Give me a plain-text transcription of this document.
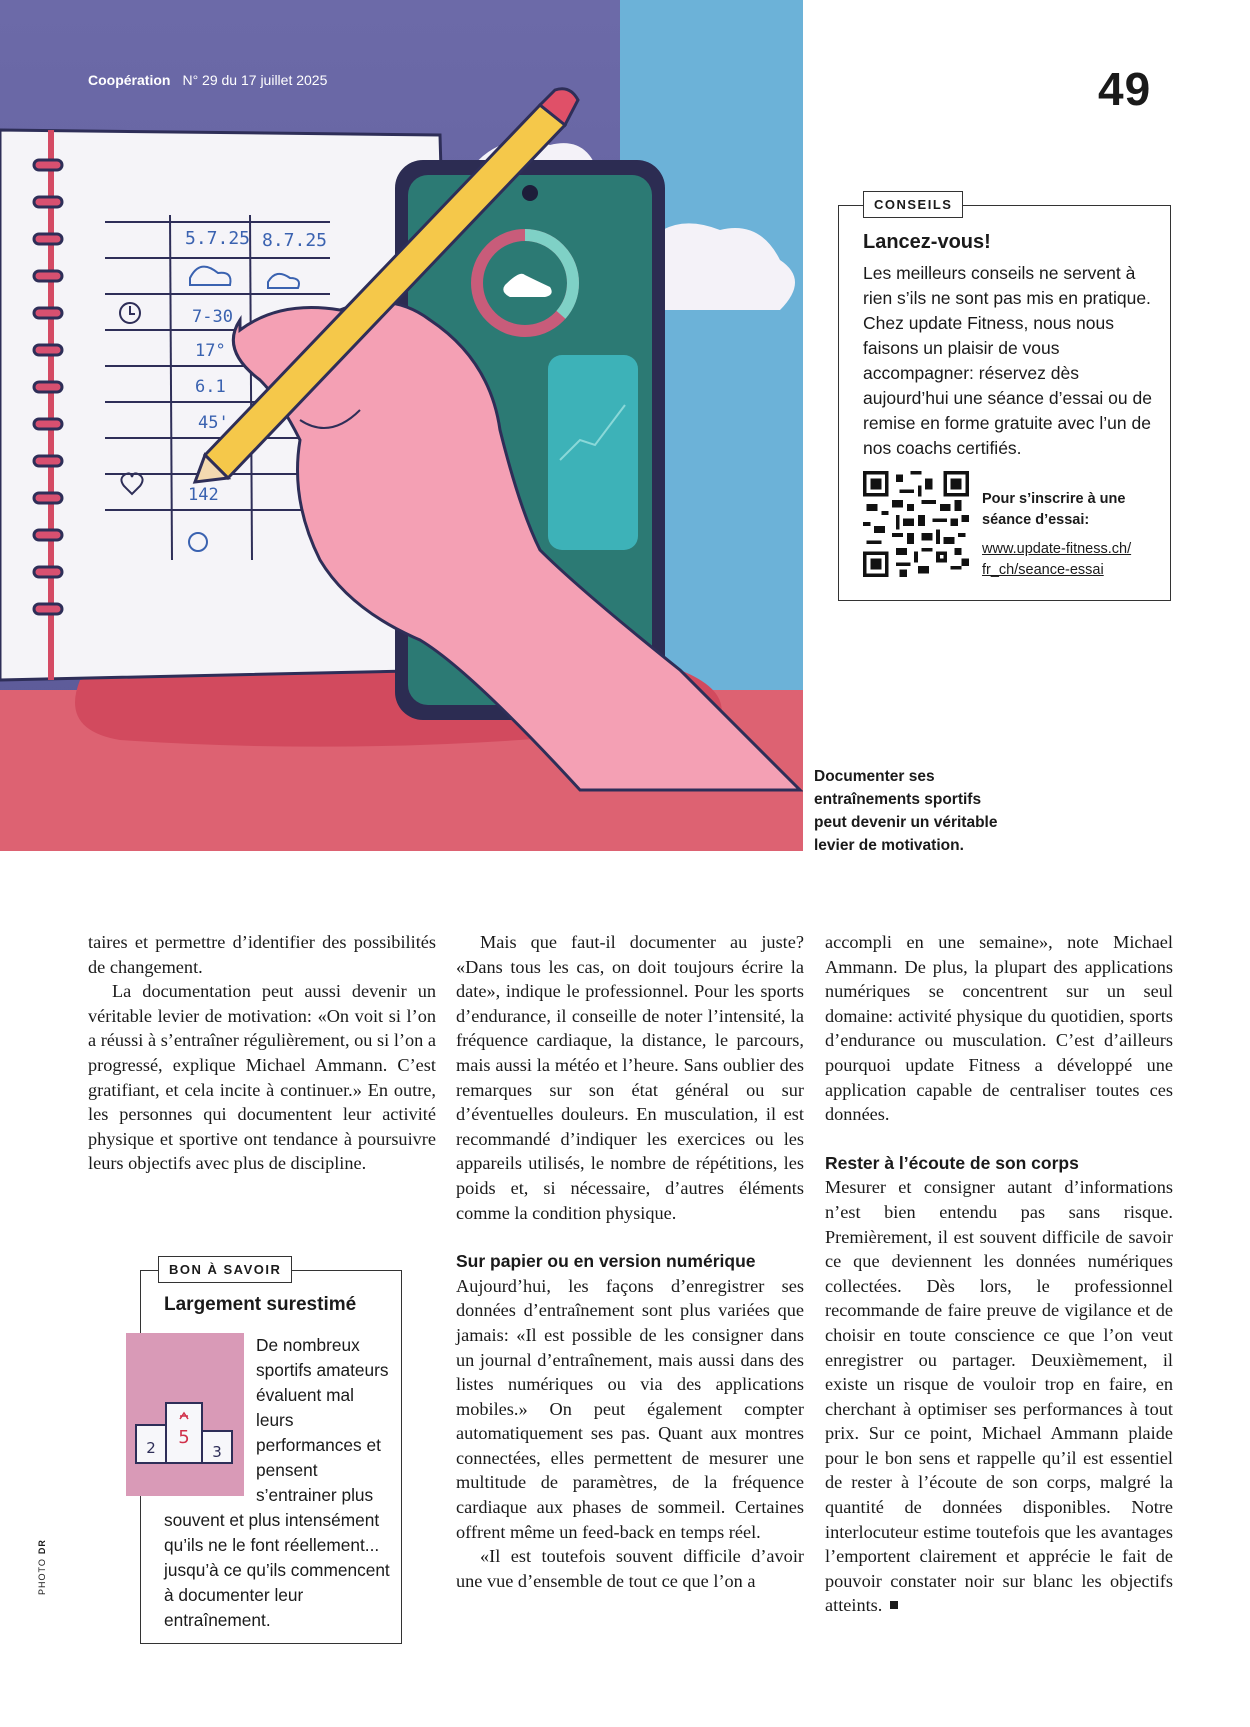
5.7.25 8.7.25
7-30
17°
6.1
45'
142
Coopération N° 29 du 17 juillet 2025	49
CONSEILS
Lancez-vous!
Les meilleurs conseils ne servent à rien s’ils ne sont pas mis en pratique. Chez update Fitness, nous nous faisons un plaisir de vous accompagner: réservez dès aujourd’hui une séance d’essai ou de remise en forme gratuite avec l’un de nos coachs certifiés.
Pour s’inscrire à une séance d’essai:
www.update-fitness.ch/ fr_ch/seance-essai
Documenter ses entraînements sportifs peut devenir un véritable levier de motivation.

taires et permettre d’identifier des possibilités de changement.

La documentation peut aussi devenir un véritable levier de motivation: «On voit si l’on a réussi à s’entraîner régulièrement, ou si l’on a progressé, explique Michael Ammann. C’est gratifiant, et cela incite à continuer.» En outre, les personnes qui documentent leur activité physique et sportive ont tendance à poursuivre leurs objectifs avec plus de discipline.

BON À SAVOIR
Largement surestimé
2 5
3
De nombreux sportifs amateurs évaluent mal leurs performances et pensent s’entrainer plus
souvent et plus intensément qu’ils ne le font réellement... jusqu’à ce qu’ils commencent à documenter leur entraînement.

Mais que faut-il documenter au juste? «Dans tous les cas, on doit toujours écrire la date», indique le professionnel. Pour les sports d’endurance, il conseille de noter l’intensité, la fréquence cardiaque, la distance, le parcours, mais aussi la météo et l’heure. Sans oublier des remarques sur son état général ou sur d’éventuelles douleurs. En musculation, il est recommandé d’indiquer les exercices ou les appareils utilisés, le nombre de répétitions, les poids et, si nécessaire, d’autres éléments comme la condition physique.

Sur papier ou en version numérique

Aujourd’hui, les façons d’enregistrer ses données d’entraînement sont plus variées que jamais: «Il est possible de les consigner dans un journal d’entraînement, mais aussi dans des listes numériques ou via des applications mobiles.» On peut également compter automatiquement ses pas. Quant aux montres connectées, elles permettent de mesurer une multitude de paramètres, de la fréquence cardiaque aux phases de sommeil. Certaines offrent même un feed-back en temps réel.

«Il est toutefois souvent difficile d’avoir une vue d’ensemble de tout ce que l’on a

accompli en une semaine», note Michael Ammann. De plus, la plupart des applications numériques se concentrent sur un seul domaine: activité physique du quotidien, sports d’endurance ou musculation. C’est d’ailleurs pourquoi update Fitness a développé une application capable de centraliser toutes ces données.

Rester à l’écoute de son corps

Mesurer et consigner autant d’informations n’est bien entendu pas sans risque. Premièrement, il est souvent difficile de savoir ce que deviennent les données numériques collectées. Dès lors, le professionnel recommande de faire preuve de vigilance et de choisir en toute conscience ce que l’on veut enregistrer ou partager. Deuxièmement, il existe un risque de vouloir trop en faire, en cherchant à optimiser ses performances à tout prix. Sur ce point, Michael Ammann plaide pour le bon sens et rappelle qu’il est essentiel de rester à l’écoute de son corps, malgré la quantité de données disponibles. Notre interlocuteur estime toutefois que les avantages l’emportent clairement et apprécie le fait de pouvoir constater noir sur blanc les objectifs atteints.

PHOTODR
